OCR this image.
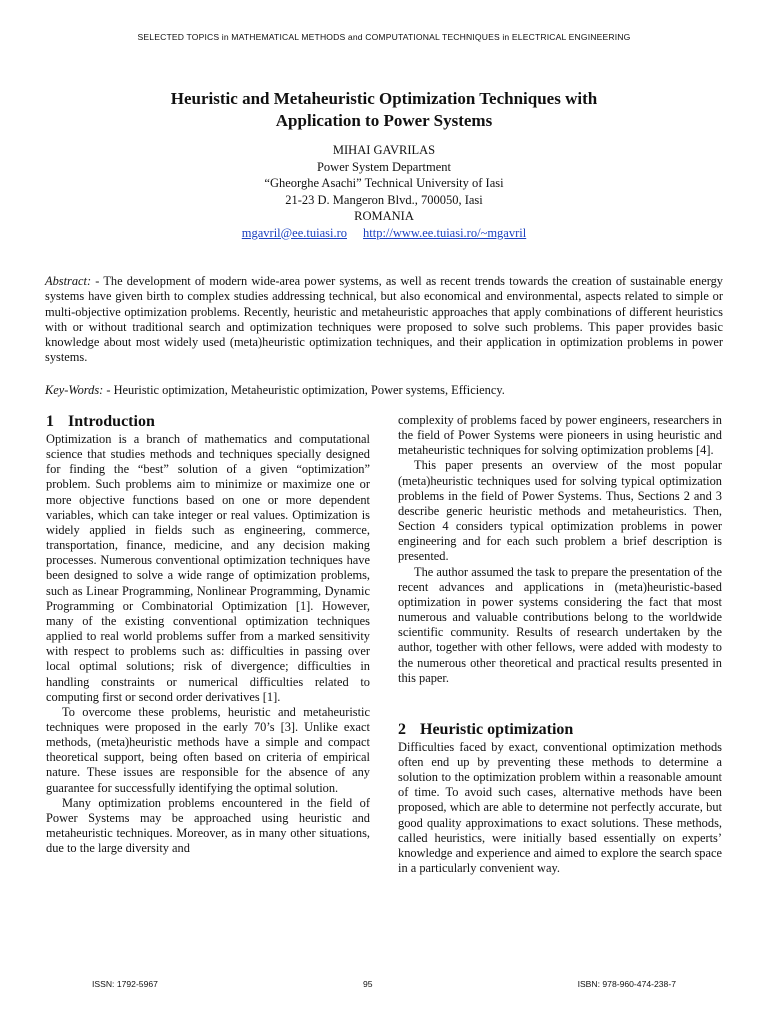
SELECTED TOPICS in MATHEMATICAL METHODS and COMPUTATIONAL TECHNIQUES in ELECTRICAL ENGINEERING
Heuristic and Metaheuristic Optimization Techniques with
Application to Power Systems
MIHAI GAVRILAS
Power System Department
“Gheorghe Asachi” Technical University of Iasi
21-23 D. Mangeron Blvd., 700050, Iasi
ROMANIA
mgavril@ee.tuiasi.ro http://www.ee.tuiasi.ro/~mgavril

Abstract: - The development of modern wide-area power systems, as well as recent trends towards the creation of sustainable energy systems have given birth to complex studies addressing technical, but also economical and environmental, aspects related to simple or multi-objective optimization problems. Recently, heuristic and metaheuristic approaches that apply combinations of different heuristics with or without traditional search and optimization techniques were proposed to solve such problems. This paper provides basic knowledge about most widely used (meta)heuristic optimization techniques, and their application in optimization problems in power systems.

Key-Words: - Heuristic optimization, Metaheuristic optimization, Power systems, Efficiency.

1 Introduction

Optimization is a branch of mathematics and computational science that studies methods and techniques specially designed for finding the “best” solution of a given “optimization” problem. Such problems aim to minimize or maximize one or more objective functions based on one or more dependent variables, which can take integer or real values. Optimization is widely applied in fields such as engineering, commerce, transportation, finance, medicine, and any decision making processes. Numerous conventional optimization techniques have been designed to solve a wide range of optimization problems, such as Linear Programming, Nonlinear Programming, Dynamic Programming or Combinatorial Optimization [1]. However, many of the existing conventional optimization techniques applied to real world problems suffer from a marked sensitivity with respect to problems such as: difficulties in passing over local optimal solutions; risk of divergence; difficulties in handling constraints or numerical difficulties related to computing first or second order derivatives [1].

To overcome these problems, heuristic and metaheuristic techniques were proposed in the early 70’s [3]. Unlike exact methods, (meta)heuristic methods have a simple and compact theoretical support, being often based on criteria of empirical nature. These issues are responsible for the absence of any guarantee for successfully identifying the optimal solution.

Many optimization problems encountered in the field of Power Systems may be approached using heuristic and metaheuristic techniques. Moreover, as in many other situations, due to the large diversity and

complexity of problems faced by power engineers, researchers in the field of Power Systems were pioneers in using heuristic and metaheuristic techniques for solving optimization problems [4].

This paper presents an overview of the most popular (meta)heuristic techniques used for solving typical optimization problems in the field of Power Systems. Thus, Sections 2 and 3 describe generic heuristic methods and metaheuristics. Then, Section 4 considers typical optimization problems in power engineering and for each such problem a brief description is presented.

The author assumed the task to prepare the presentation of the recent advances and applications in (meta)heuristic-based optimization in power systems considering the fact that most numerous and valuable contributions belong to the worldwide scientific community. Results of research undertaken by the author, together with other fellows, were added with modesty to the numerous other theoretical and practical results presented in this paper.

2 Heuristic optimization

Difficulties faced by exact, conventional optimization methods often end up by preventing these methods to determine a solution to the optimization problem within a reasonable amount of time. To avoid such cases, alternative methods have been proposed, which are able to determine not perfectly accurate, but good quality approximations to exact solutions. These methods, called heuristics, were initially based essentially on experts’ knowledge and experience and aimed to explore the search space in a particularly convenient way.

ISSN: 1792-5967	95	ISBN: 978-960-474-238-7
